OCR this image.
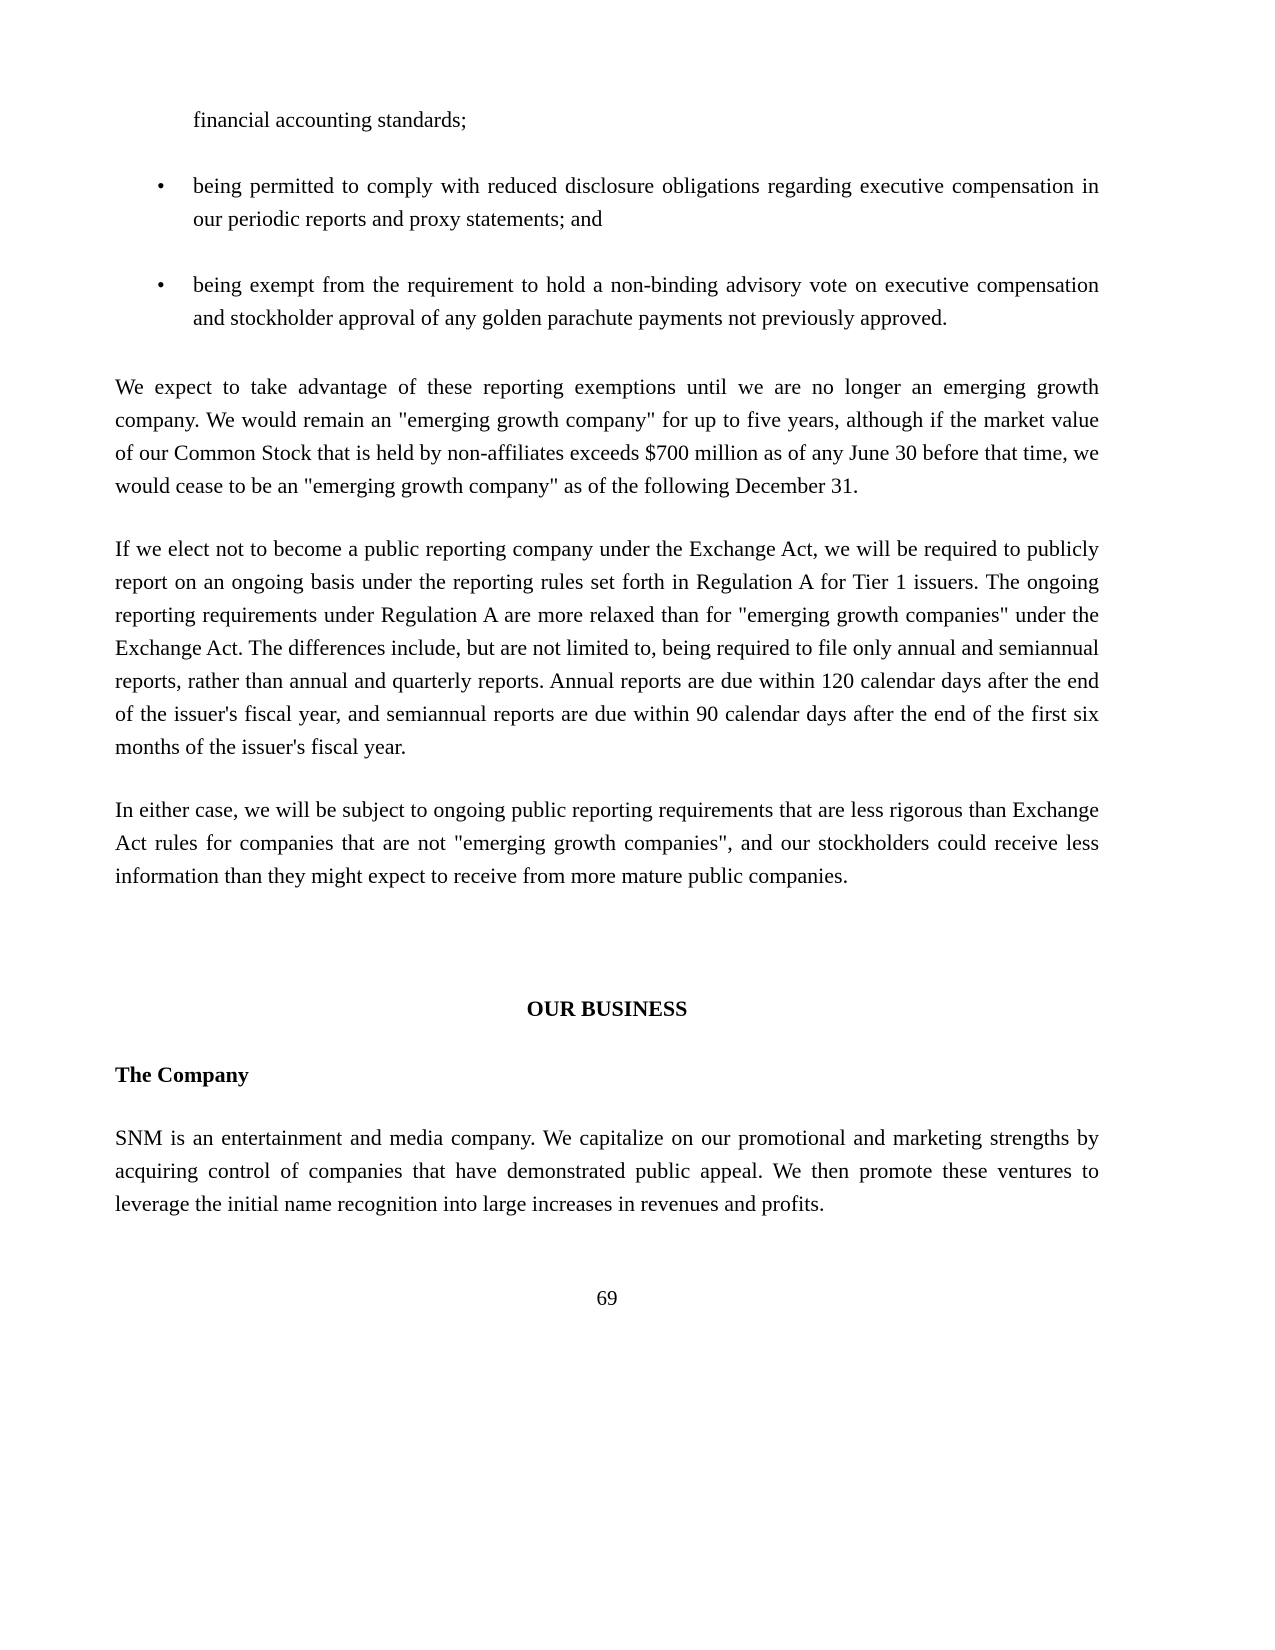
financial accounting standards;
•	being permitted to comply with reduced disclosure obligations regarding executive compensation in our periodic reports and proxy statements; and
•	being exempt from the requirement to hold a non-binding advisory vote on executive compensation and stockholder approval of any golden parachute payments not previously approved.
We expect to take advantage of these reporting exemptions until we are no longer an emerging growth company. We would remain an "emerging growth company" for up to five years, although if the market value of our Common Stock that is held by non-affiliates exceeds $700 million as of any June 30 before that time, we would cease to be an "emerging growth company" as of the following December 31.
If we elect not to become a public reporting company under the Exchange Act, we will be required to publicly report on an ongoing basis under the reporting rules set forth in Regulation A for Tier 1 issuers. The ongoing reporting requirements under Regulation A are more relaxed than for "emerging growth companies" under the Exchange Act. The differences include, but are not limited to, being required to file only annual and semiannual reports, rather than annual and quarterly reports. Annual reports are due within 120 calendar days after the end of the issuer's fiscal year, and semiannual reports are due within 90 calendar days after the end of the first six months of the issuer's fiscal year.
In either case, we will be subject to ongoing public reporting requirements that are less rigorous than Exchange Act rules for companies that are not "emerging growth companies", and our stockholders could receive less information than they might expect to receive from more mature public companies.
OUR BUSINESS
The Company
SNM is an entertainment and media company. We capitalize on our promotional and marketing strengths by acquiring control of companies that have demonstrated public appeal. We then promote these ventures to leverage the initial name recognition into large increases in revenues and profits.
69
